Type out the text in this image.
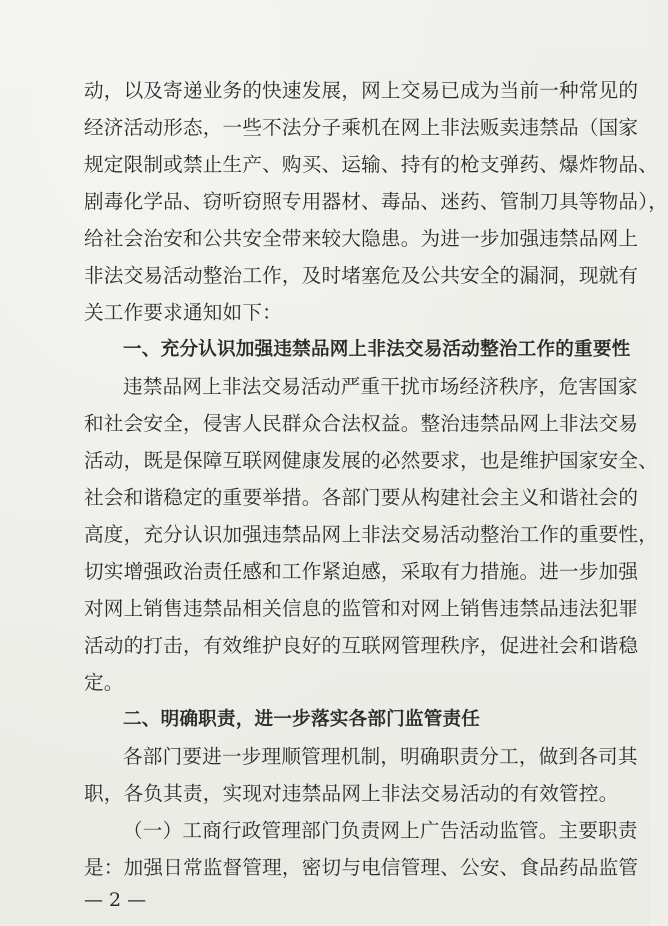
动，以及寄递业务的快速发展，网上交易已成为当前一种常见的
经济活动形态，一些不法分子乘机在网上非法贩卖违禁品（国家
规定限制或禁止生产、购买、运输、持有的枪支弹药、爆炸物品、
剧毒化学品、窃听窃照专用器材、毒品、迷药、管制刀具等物品），
给社会治安和公共安全带来较大隐患。为进一步加强违禁品网上
非法交易活动整治工作，及时堵塞危及公共安全的漏洞，现就有
关工作要求通知如下：
一、充分认识加强违禁品网上非法交易活动整治工作的重要性
违禁品网上非法交易活动严重干扰市场经济秩序，危害国家
和社会安全，侵害人民群众合法权益。整治违禁品网上非法交易
活动，既是保障互联网健康发展的必然要求，也是维护国家安全、
社会和谐稳定的重要举措。各部门要从构建社会主义和谐社会的
高度，充分认识加强违禁品网上非法交易活动整治工作的重要性，
切实增强政治责任感和工作紧迫感，采取有力措施。进一步加强
对网上销售违禁品相关信息的监管和对网上销售违禁品违法犯罪
活动的打击，有效维护良好的互联网管理秩序，促进社会和谐稳
定。
二、明确职责，进一步落实各部门监管责任
各部门要进一步理顺管理机制，明确职责分工，做到各司其
职，各负其责，实现对违禁品网上非法交易活动的有效管控。
（一）工商行政管理部门负责网上广告活动监管。主要职责
是：加强日常监督管理，密切与电信管理、公安、食品药品监管
— 2 —
